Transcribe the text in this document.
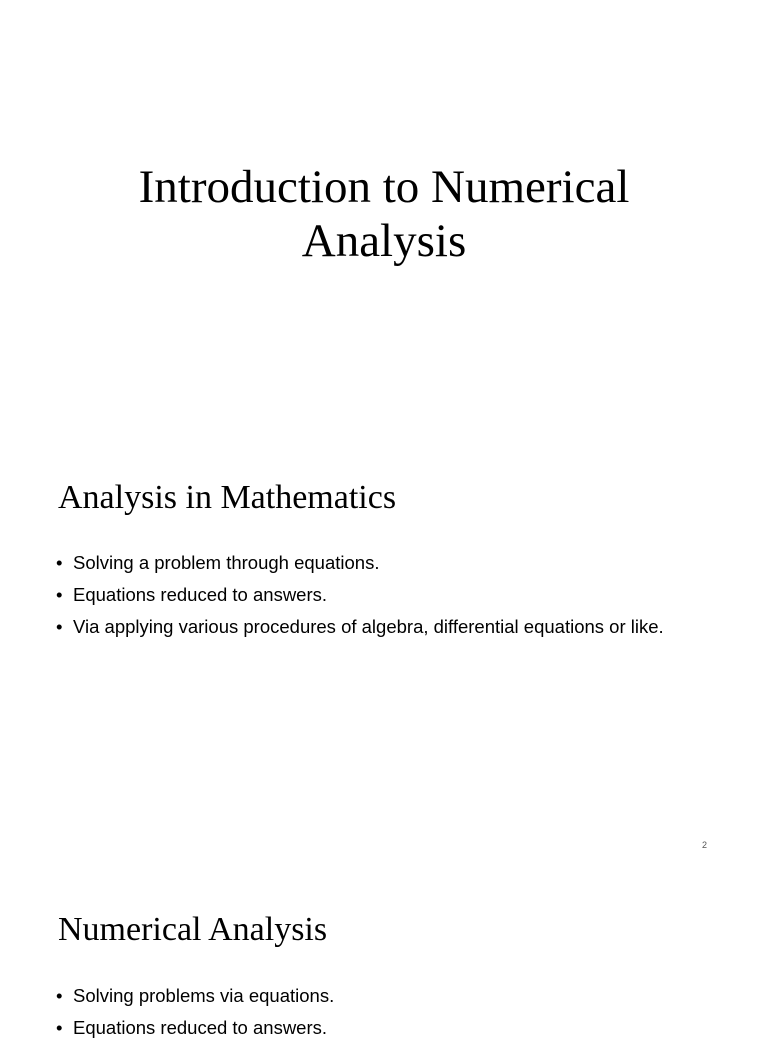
Introduction to Numerical
Analysis
Analysis in Mathematics
• Solving a problem through equations.
• Equations reduced to answers.
• Via applying various procedures of algebra, differential equations or like.
2
Numerical Analysis
• Solving problems via equations.
• Equations reduced to answers.
